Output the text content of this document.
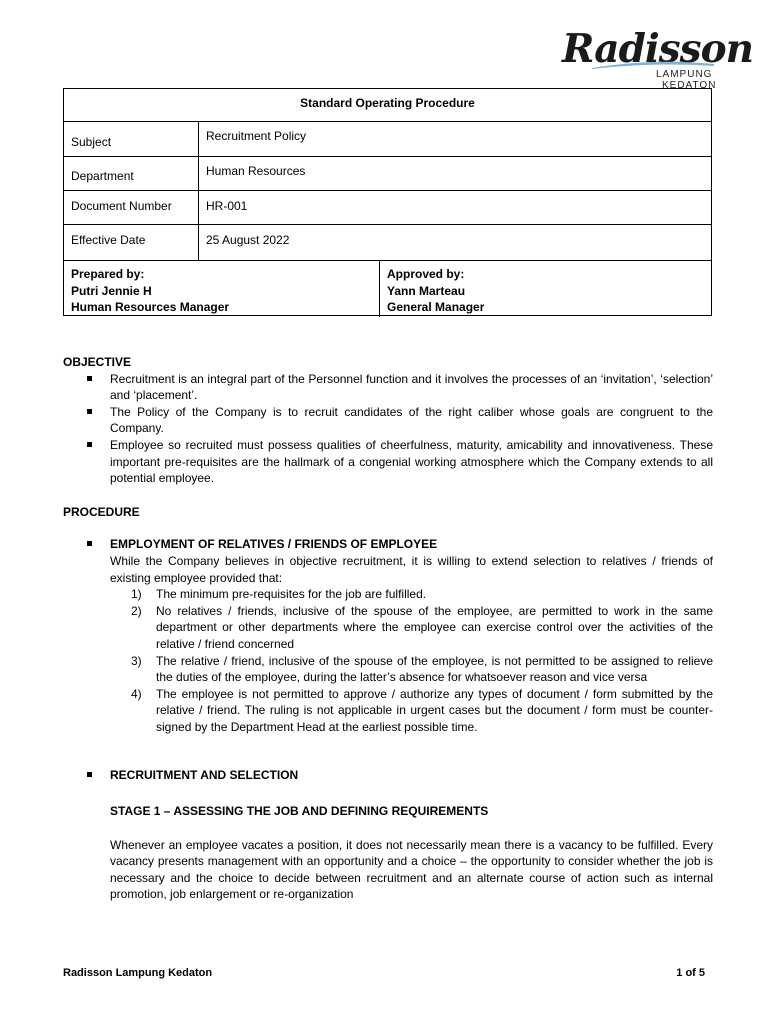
Radisson
LAMPUNG
KEDATON
Standard Operating Procedure
Subject	Recruitment Policy
Department	Human Resources
Document Number	HR-001
Effective Date	25 August 2022
Prepared by:
Putri Jennie H
Human Resources Manager
Approved by:
Yann Marteau
General Manager
OBJECTIVE
Recruitment is an integral part of the Personnel function and it involves the processes of an ‘invitation’, ‘selection’ and ‘placement’.
The Policy of the Company is to recruit candidates of the right caliber whose goals are congruent to the Company.
Employee so recruited must possess qualities of cheerfulness, maturity, amicability and innovativeness. These important pre-requisites are the hallmark of a congenial working atmosphere which the Company extends to all potential employee.
PROCEDURE
EMPLOYMENT OF RELATIVES / FRIENDS OF EMPLOYEE
While the Company believes in objective recruitment, it is willing to extend selection to relatives / friends of existing employee provided that:
1) The minimum pre-requisites for the job are fulfilled.
2) No relatives / friends, inclusive of the spouse of the employee, are permitted to work in the same department or other departments where the employee can exercise control over the activities of the relative / friend concerned
3) The relative / friend, inclusive of the spouse of the employee, is not permitted to be assigned to relieve the duties of the employee, during the latter’s absence for whatsoever reason and vice versa
4) The employee is not permitted to approve / authorize any types of document / form submitted by the relative / friend. The ruling is not applicable in urgent cases but the document / form must be counter-signed by the Department Head at the earliest possible time.
RECRUITMENT AND SELECTION
STAGE 1 – ASSESSING THE JOB AND DEFINING REQUIREMENTS
Whenever an employee vacates a position, it does not necessarily mean there is a vacancy to be fulfilled. Every vacancy presents management with an opportunity and a choice – the opportunity to consider whether the job is necessary and the choice to decide between recruitment and an alternate course of action such as internal promotion, job enlargement or re-organization
Radisson Lampung Kedaton	1 of 5
